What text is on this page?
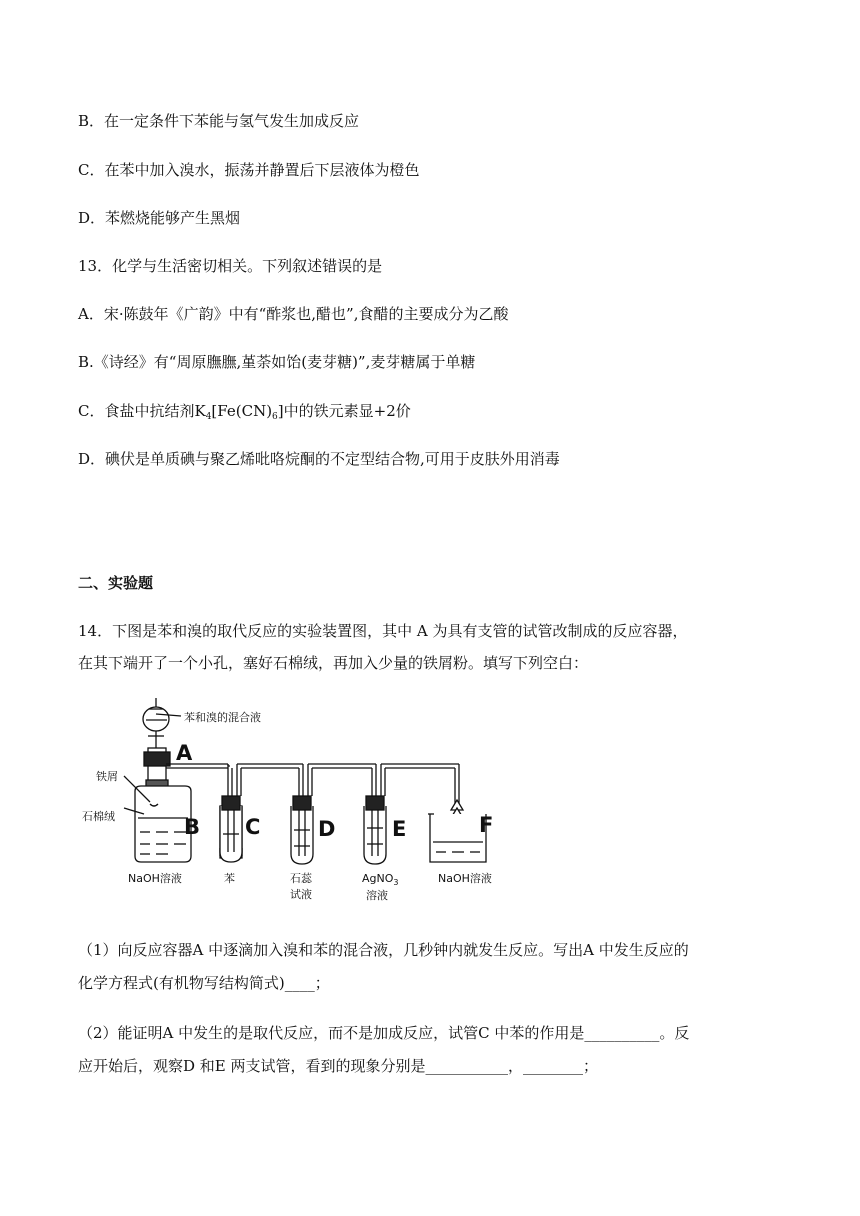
B．在一定条件下苯能与氢气发生加成反应
C．在苯中加入溴水，振荡并静置后下层液体为橙色
D．苯燃烧能够产生黑烟
13．化学与生活密切相关。下列叙述错误的是
A．宋·陈鼓年《广韵》中有“酢浆也,醋也”,食醋的主要成分为乙酸
B.《诗经》有“周原膴膴,堇荼如饴(麦芽糖)”,麦芽糖属于单糖
C．食盐中抗结剂$K_4[Fe(CN)_6]$中的铁元素显+2价
D．碘伏是单质碘与聚乙烯吡咯烷酮的不定型结合物,可用于皮肤外用消毒
二、实验题
14．下图是苯和溴的取代反应的实验装置图，其中 A 为具有支管的试管改制成的反应容器，
在其下端开了一个小孔，塞好石棉绒，再加入少量的铁屑粉。填写下列空白：
苯和溴的混合液
A
铁屑
石棉绒	B C	D	E	F
NaOH溶液	苯	石蕊
试液
AgNO$_3$
溶液
NaOH溶液
（1）向反应容器A 中逐滴加入溴和苯的混合液，几秒钟内就发生反应。写出A 中发生反应的
化学方程式(有机物写结构简式)____；
（2）能证明A 中发生的是取代反应，而不是加成反应，试管C 中苯的作用是__________。反
应开始后，观察D 和E 两支试管，看到的现象分别是___________，________；
